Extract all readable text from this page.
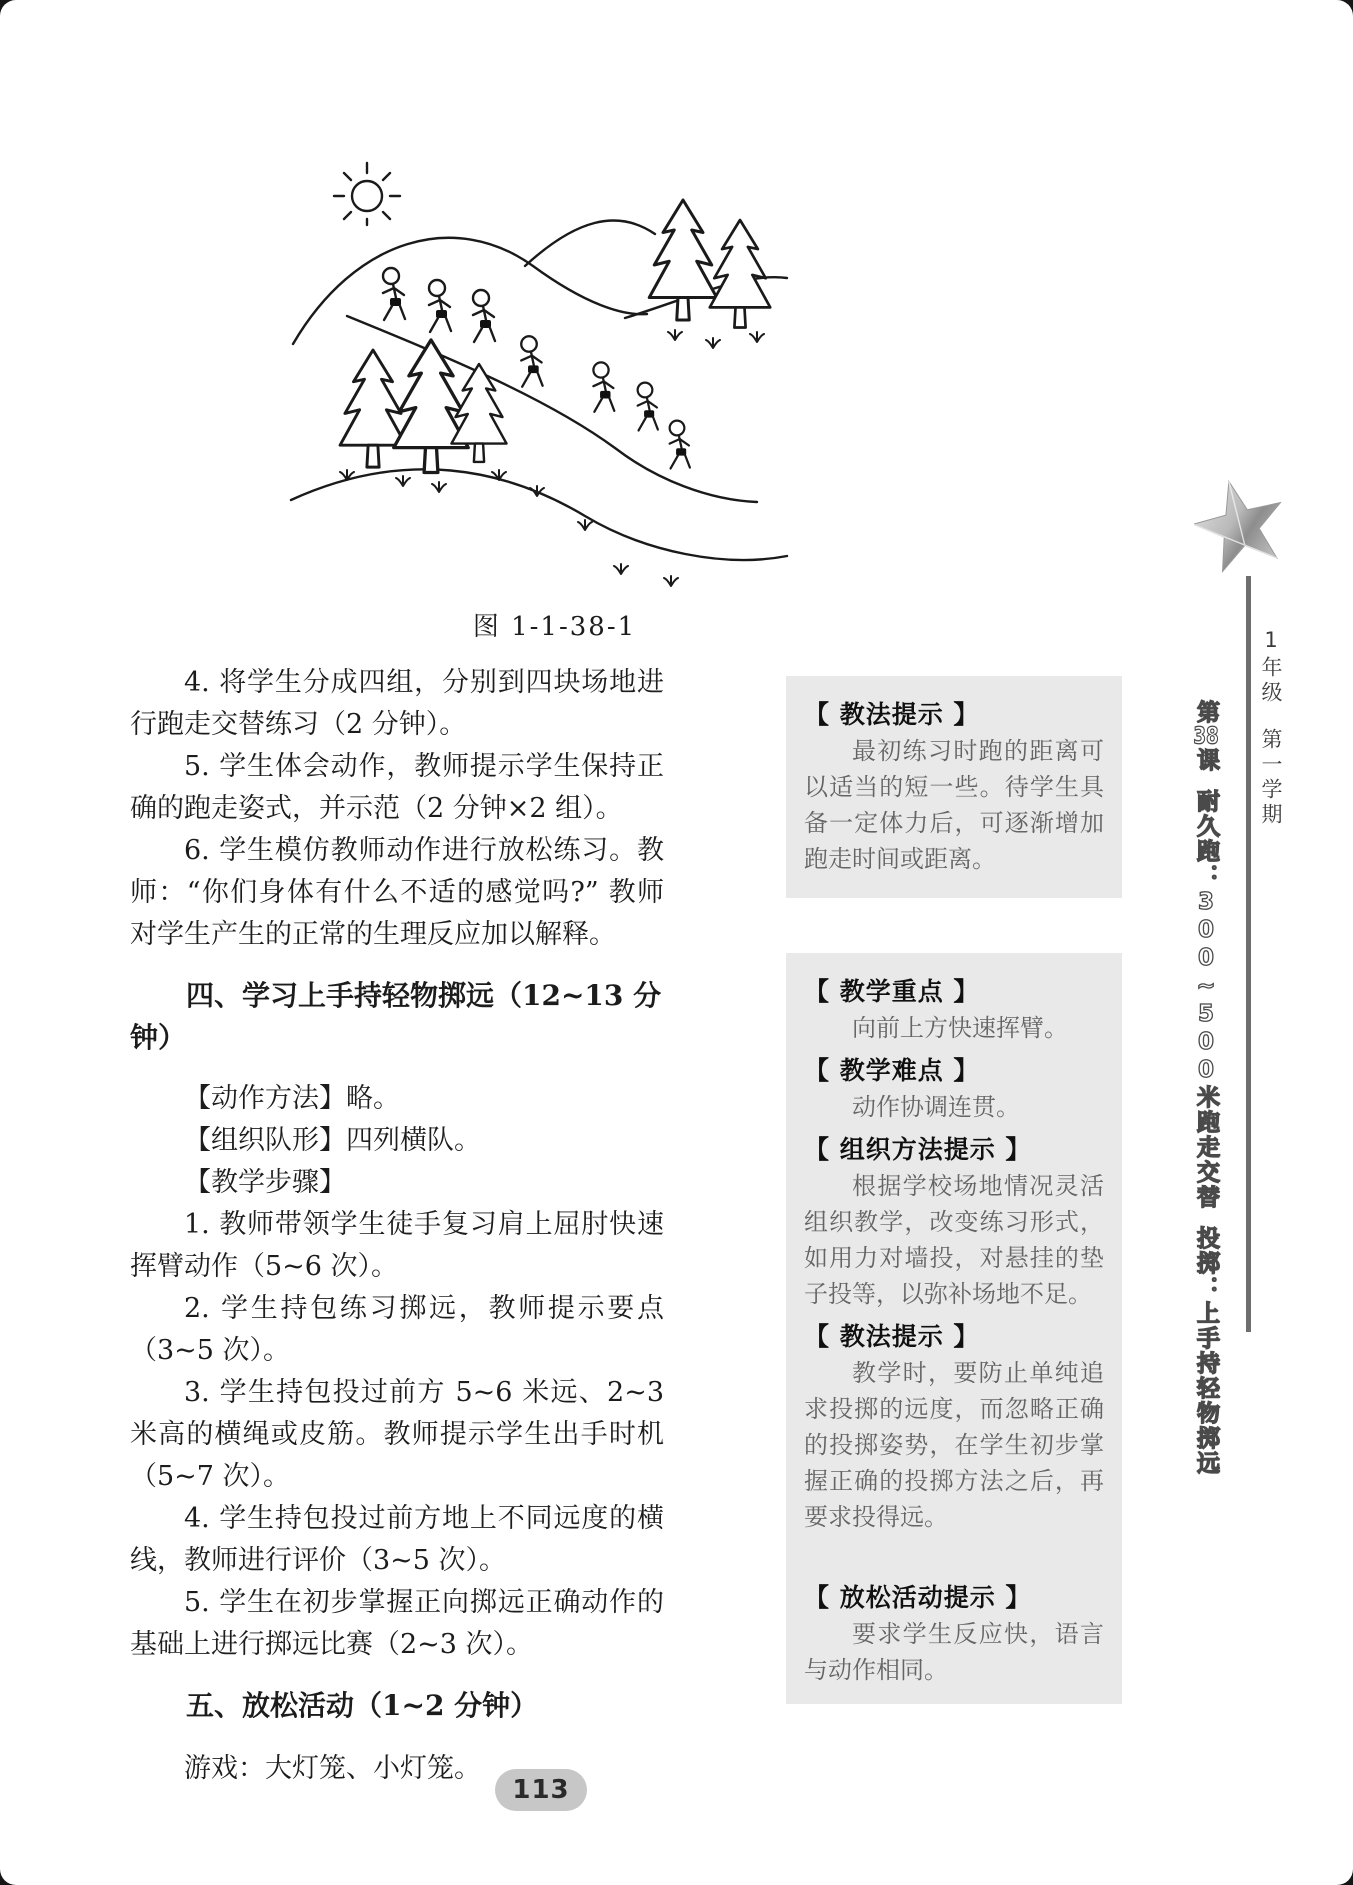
图 1-1-38-1

4. 将学生分成四组，分别到四块场地进行跑走交替练习（2 分钟）。

5. 学生体会动作，教师提示学生保持正确的跑走姿式，并示范（2 分钟×2 组）。

6. 学生模仿教师动作进行放松练习。教师：“你们身体有什么不适的感觉吗?” 教师对学生产生的正常的生理反应加以解释。

四、学习上手持轻物掷远（12~13 分钟）

【动作方法】略。

【组织队形】四列横队。

【教学步骤】

1. 教师带领学生徒手复习肩上屈肘快速挥臂动作（5~6 次）。

2. 学生持包练习掷远，教师提示要点（3~5 次）。

3. 学生持包投过前方 5~6 米远、2~3 米高的横绳或皮筋。教师提示学生出手时机（5~7 次）。

4. 学生持包投过前方地上不同远度的横线，教师进行评价（3~5 次）。

5. 学生在初步掌握正向掷远正确动作的基础上进行掷远比赛（2~3 次）。

五、放松活动（1~2 分钟）

游戏：大灯笼、小灯笼。

【 教法提示 】

最初练习时跑的距离可以适当的短一些。待学生具备一定体力后，可逐渐增加跑走时间或距离。

【 教学重点 】

向前上方快速挥臂。

【 教学难点 】

动作协调连贯。

【 组织方法提示 】

根据学校场地情况灵活组织教学，改变练习形式，如用力对墙投，对悬挂的垫子投等，以弥补场地不足。

【 教法提示 】

教学时，要防止单纯追求投掷的远度，而忽略正确的投掷姿势，在学生初步掌握正确的投掷方法之后，再要求投得远。

【 放松活动提示 】

要求学生反应快，语言与动作相同。

1年级第一学期
第38课耐久跑：300~500米跑走交替投掷：上手持轻物掷远
113
